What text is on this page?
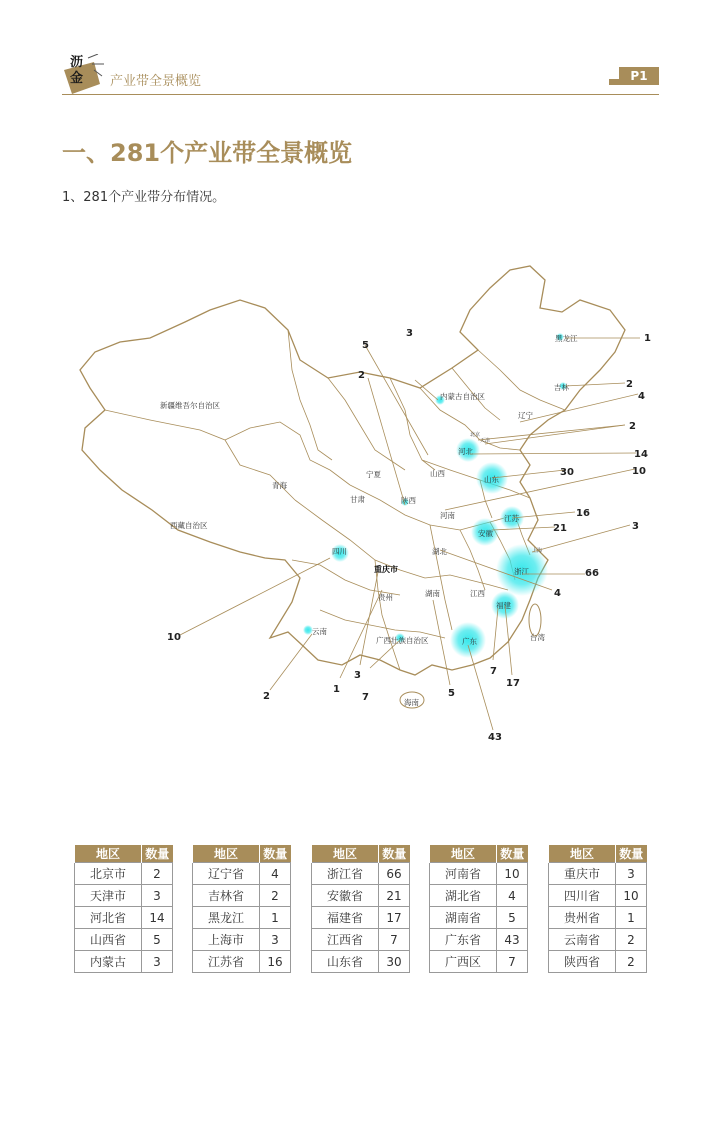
沥金	产业带全景概览	P1
一、281个产业带全景概览
1、281个产业带分布情况。
新疆维吾尔自治区
西藏自治区
青海
甘肃
内蒙古自治区
黑龙江
吉林
辽宁
北京
天津
河北
山西
宁夏
陕西
山东
河南	江苏
安徽
上海
湖北
四川
重庆市	浙江
江西
湖南
贵州
福建
台湾
云南
广西壮族自治区	广东
海南
1
2
4
2
14
30	10
16
21	3
66
4
3
5
2
17
7
43
5
7
1
3
2
10
地区	数量
北京市	2
天津市	3
河北省	14
山西省	5
内蒙古	3
地区	数量
辽宁省	4
吉林省	2
黑龙江	1
上海市	3
江苏省	16
地区	数量
浙江省	66
安徽省	21
福建省	17
江西省	7
山东省	30
地区	数量
河南省	10
湖北省	4
湖南省	5
广东省	43
广西区	7
地区	数量
重庆市	3
四川省	10
贵州省	1
云南省	2
陕西省	2
